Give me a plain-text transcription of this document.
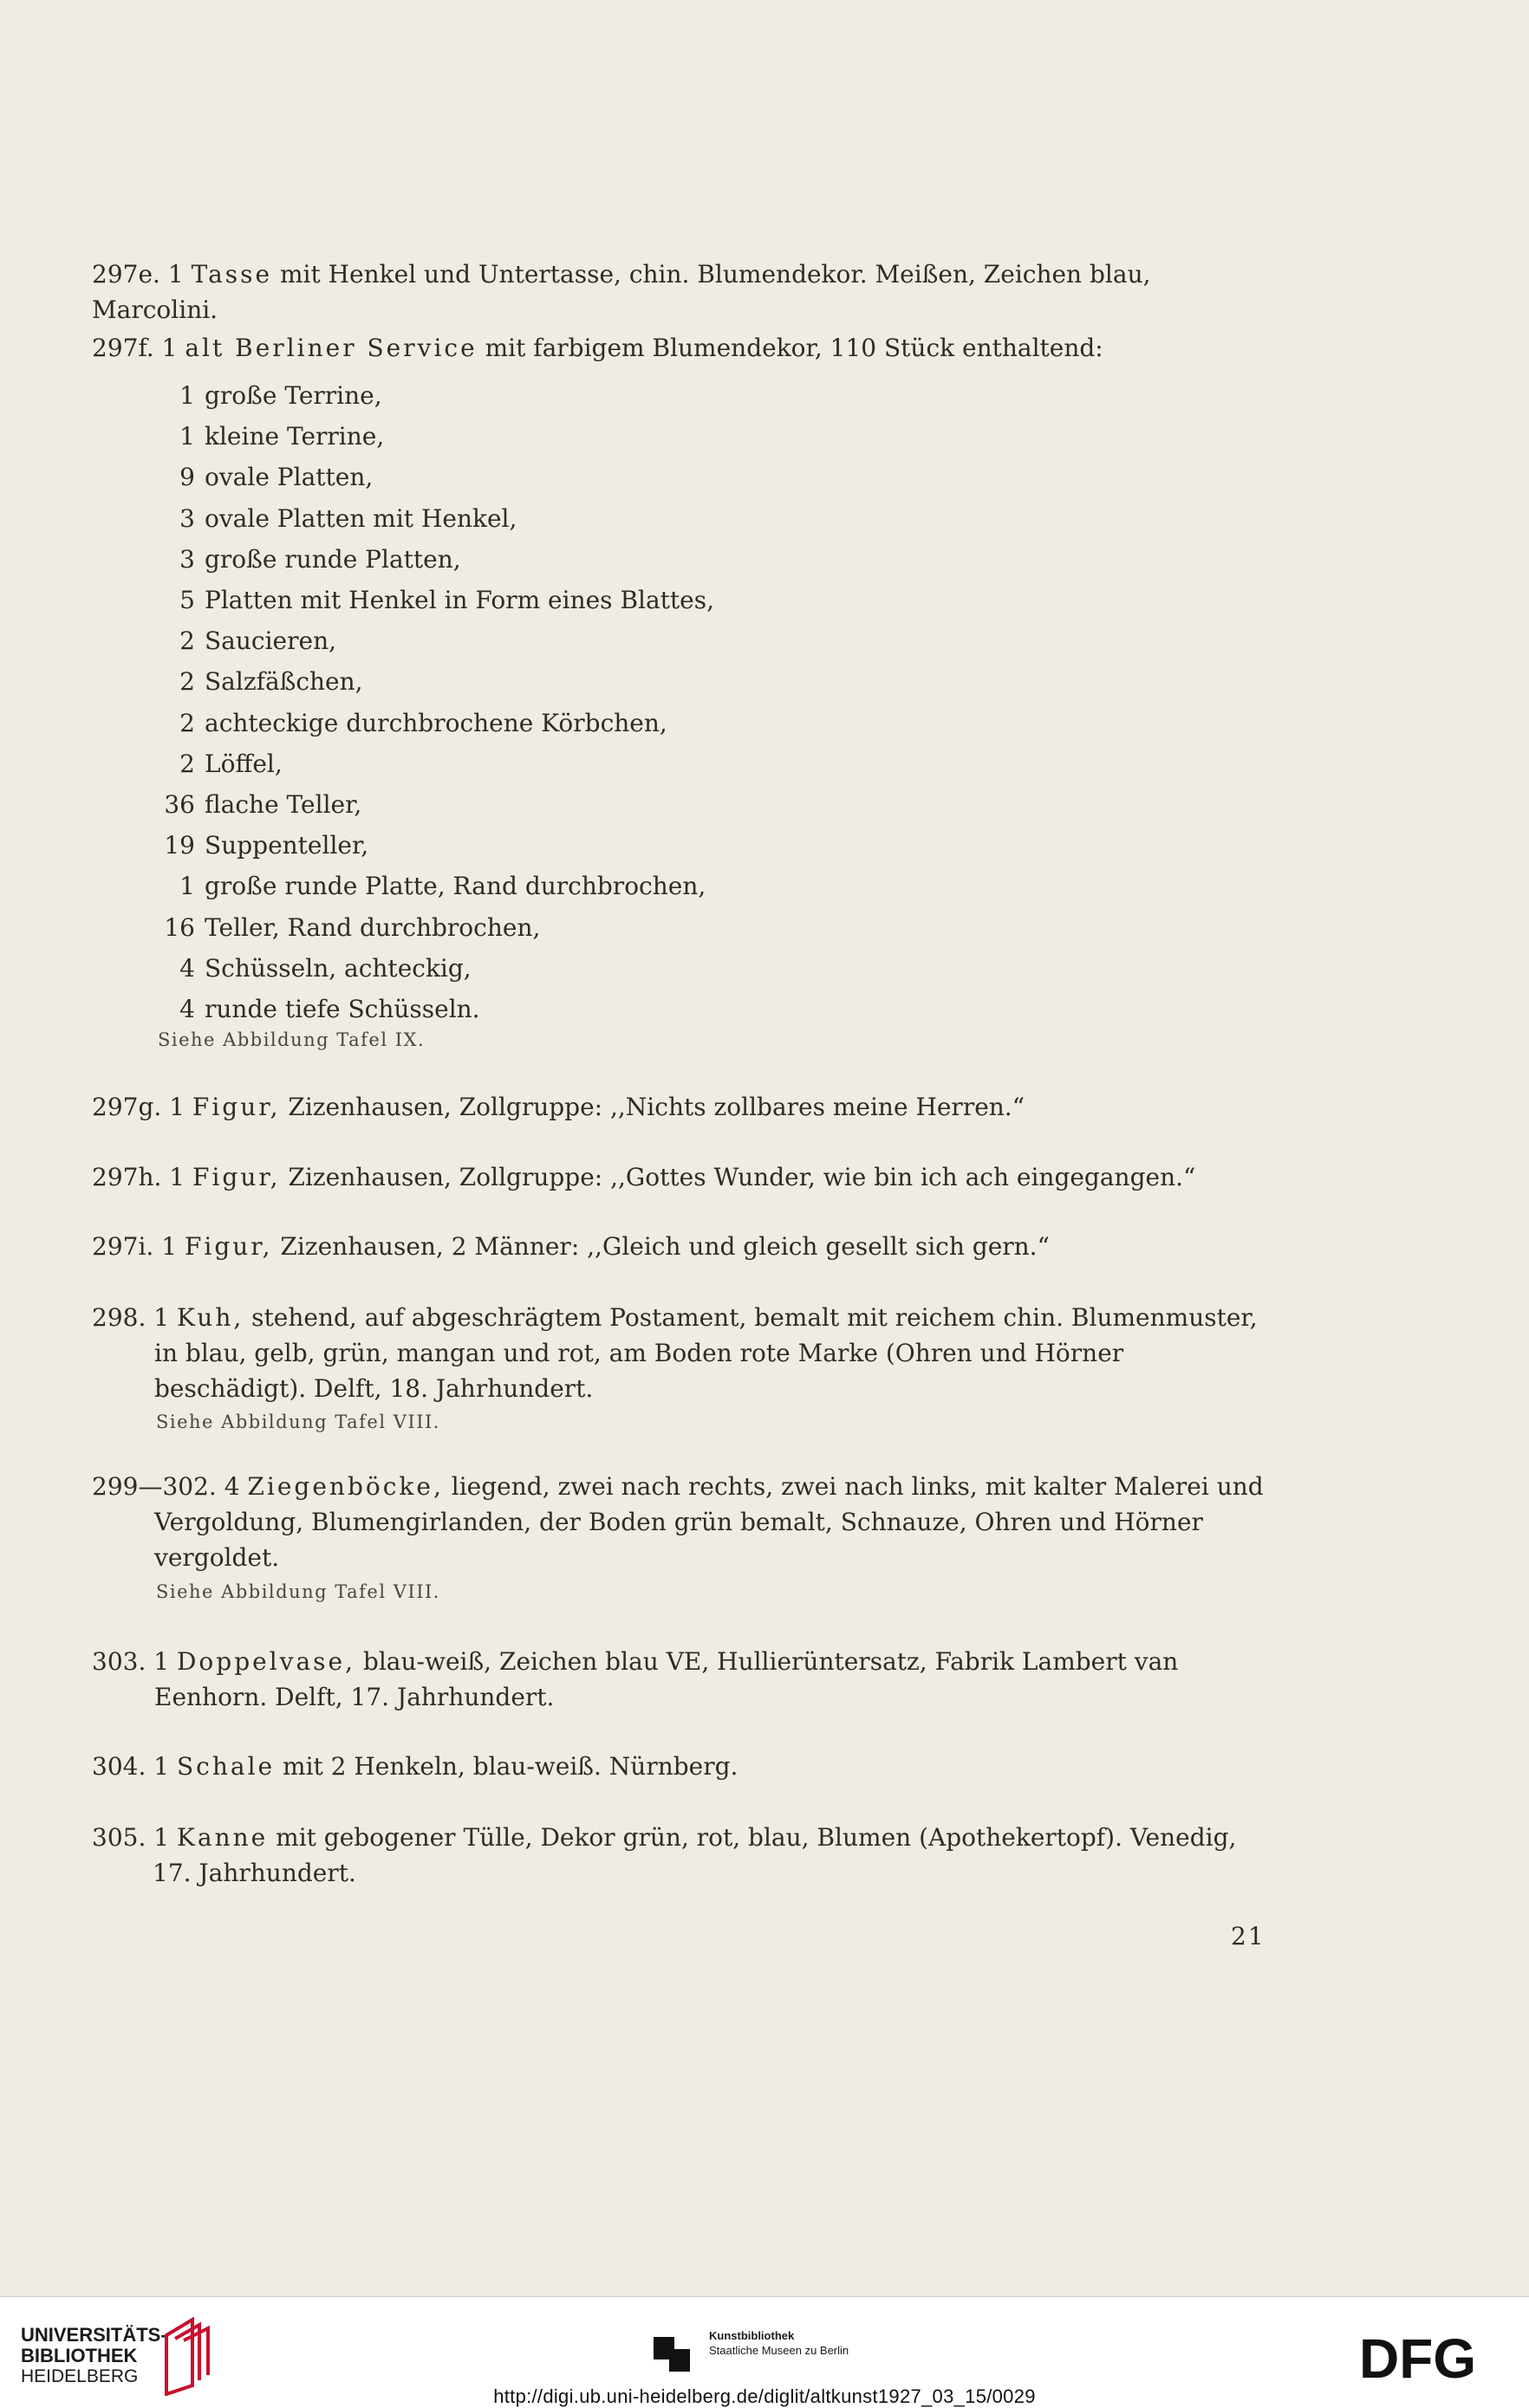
297e. 1 Tasse mit Henkel und Untertasse, chin. Blumendekor. Meißen, Zeichen blau, Marcolini.
297f. 1 alt Berliner Service mit farbigem Blumendekor, 110 Stück enthaltend:
1 große Terrine,
1 kleine Terrine,
9 ovale Platten,
3 ovale Platten mit Henkel,
3 große runde Platten,
5 Platten mit Henkel in Form eines Blattes,
2 Saucieren,
2 Salzfäßchen,
2 achteckige durchbrochene Körbchen,
2 Löffel,
36 flache Teller,
19 Suppenteller,
1 große runde Platte, Rand durchbrochen,
16 Teller, Rand durchbrochen,
4 Schüsseln, achteckig,
4 runde tiefe Schüsseln.
Siehe Abbildung Tafel IX.
297g. 1 Figur, Zizenhausen, Zollgruppe: ,,Nichts zollbares meine Herren.“
297h. 1 Figur, Zizenhausen, Zollgruppe: ,,Gottes Wunder, wie bin ich ach eingegangen.“
297i. 1 Figur, Zizenhausen, 2 Männer: ,,Gleich und gleich gesellt sich gern.“
298. 1 Kuh, stehend, auf abgeschrägtem Postament, bemalt mit reichem chin. Blumenmuster,
in blau, gelb, grün, mangan und rot, am Boden rote Marke (Ohren und Hörner
beschädigt). Delft, 18. Jahrhundert.
Siehe Abbildung Tafel VIII.
299—302. 4 Ziegenböcke, liegend, zwei nach rechts, zwei nach links, mit kalter Malerei und
Vergoldung, Blumengirlanden, der Boden grün bemalt, Schnauze, Ohren und Hörner
vergoldet.
Siehe Abbildung Tafel VIII.
303. 1 Doppelvase, blau-weiß, Zeichen blau VE, Hullierüntersatz, Fabrik Lambert van
Eenhorn. Delft, 17. Jahrhundert.
304. 1 Schale mit 2 Henkeln, blau-weiß. Nürnberg.
305. 1 Kanne mit gebogener Tülle, Dekor grün, rot, blau, Blumen (Apothekertopf). Venedig,
17. Jahrhundert.
21
UNIVERSITÄTS-
BIBLIOTHEK
HEIDELBERG
Kunstbibliothek
Staatliche Museen zu Berlin	DFG
http://digi.ub.uni-heidelberg.de/diglit/altkunst1927_03_15/0029
